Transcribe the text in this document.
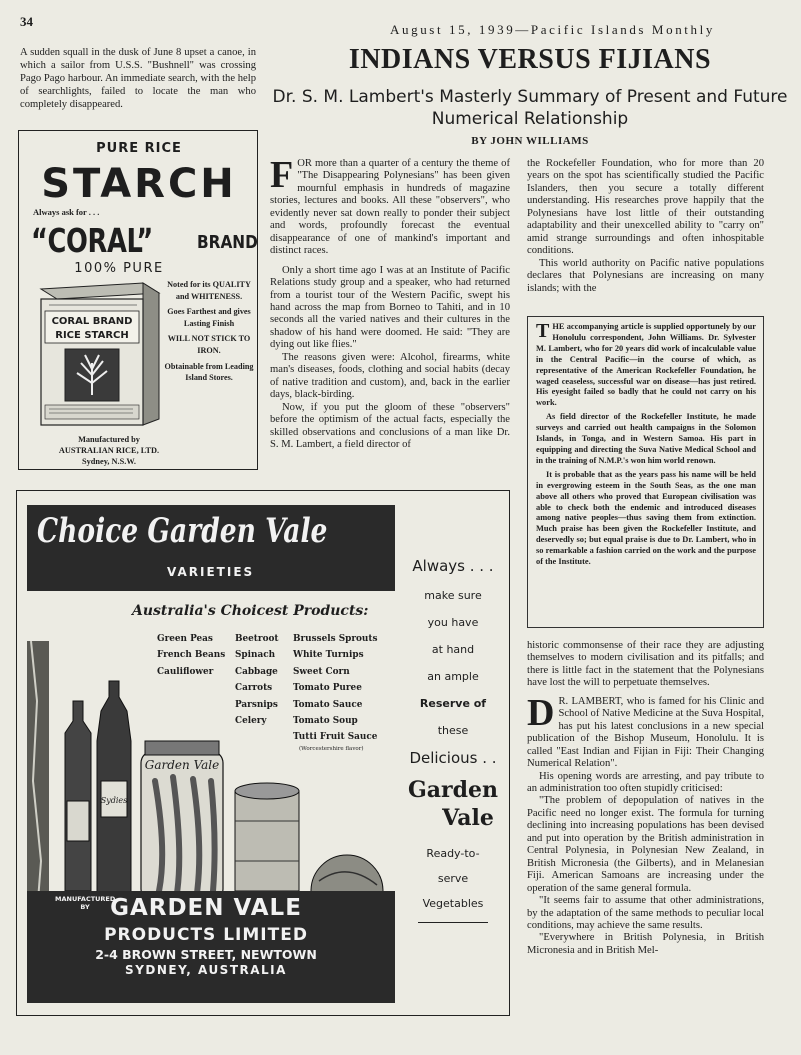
34
August 15, 1939—Pacific Islands Monthly
A sudden squall in the dusk of June 8 upset a canoe, in which a sailor from U.S.S. "Bushnell" was crossing Pago Pago harbour. An immediate search, with the help of searchlights, failed to locate the man who completely disappeared.
INDIANS VERSUS FIJIANS
Dr. S. M. Lambert's Masterly Summary of Present and Future Numerical Relationship
BY JOHN WILLIAMS

FOR more than a quarter of a century the theme of "The Disappearing Polynesians" has been given mournful emphasis in hundreds of magazine stories, lectures and books. All these "observers", who evidently never sat down really to ponder their subject and words, profoundly forecast the eventual disappearance of one of mankind's important and distinct races.

Only a short time ago I was at an Institute of Pacific Relations study group and a speaker, who had returned from a tourist tour of the Western Pacific, swept his hand across the map from Borneo to Tahiti, and in 10 seconds all the varied natives and their cultures in the shadow of his hand were doomed. He said: "They are dying out like flies."

The reasons given were: Alcohol, firearms, white man's diseases, foods, clothing and social habits (decay of native tradition and custom), and, back in the earlier days, black-birding.

Now, if you put the gloom of these "observers" before the optimism of the actual facts, especially the skilled observations and conclusions of a man like Dr. S. M. Lambert, a field director of

the Rockefeller Foundation, who for more than 20 years on the spot has scientifically studied the Pacific Islanders, then you secure a totally different understanding. His researches prove happily that the Polynesians have lost little of their outstanding adaptability and their unexcelled ability to "carry on" amid strange surroundings and often inhospitable conditions.

This world authority on Pacific native populations declares that Polynesians are increasing on many islands; with the

THE accompanying article is supplied opportunely by our Honolulu correspondent, John Williams. Dr. Sylvester M. Lambert, who for 20 years did work of incalculable value in the Central Pacific—in the course of which, as representative of the American Rockefeller Foundation, he waged ceaseless, successful war on disease—has just retired. His eyesight failed so badly that he could not carry on his work.

As field director of the Rockefeller Institute, he made surveys and carried out health campaigns in the Solomon Islands, in Tonga, and in Western Samoa. His part in equipping and directing the Suva Native Medical School and in the training of N.M.P.'s won him world renown.

It is probable that as the years pass his name will be held in evergrowing esteem in the South Seas, as the one man above all others who proved that European civilisation was able to check both the endemic and introduced diseases among native peoples—thus saving them from extinction. Much praise has been given the Rockefeller Institute, and deservedly so; but equal praise is due to Dr. Lambert, who in so remarkable a fashion carried on the work and the purpose of the Institute.

historic commonsense of their race they are adjusting themselves to modern civilisation and its pitfalls; and there is little fact in the statement that the Polynesians have lost the will to perpetuate themselves.

D R. LAMBERT, who is famed for his Clinic and School of Native Medicine at the Suva Hospital, has put his latest conclusions in a new special publication of the Bishop Museum, Honolulu. It is called "East Indian and Fijian in Fiji: Their Changing Numerical Relation".

His opening words are arresting, and pay tribute to an administration too often stupidly criticised:

"The problem of depopulation of natives in the Pacific need no longer exist. The formula for turning declining into increasing populations has been devised and put into operation by the British administration in Central Polynesia, in Polynesian New Zealand, in British Micronesia (the Gilberts), and in Melanesian Fiji. American Samoans are increasing under the operation of the same general formula.

"It seems fair to assume that other administrations, by the adaptation of the same methods to peculiar local conditions, may achieve the same results.

"Everywhere in British Polynesia, in British Micronesia and in British Mel-

PURE RICE
STARCH
Always ask for . . .
“CORAL” BRAND
100% PURE
CORAL BRAND
RICE STARCH

Noted for its QUALITY and WHITENESS.

Goes Farthest and gives Lasting Finish

WILL NOT STICK TO IRON.

Obtainable from Leading Island Stores.

Manufactured by
AUSTRALIAN RICE, LTD.
Sydney, N.S.W.
Choice Garden Vale
VARIETIES
Australia's Choicest Products:
Green Peas
French Beans
Cauliflower
Beetroot
Spinach
Cabbage
Carrots
Parsnips
Celery
Brussels Sprouts
White Turnips
Sweet Corn
Tomato Puree
Tomato Sauce
Tomato Soup
Tutti Fruit Sauce
(Worcestershire flavor)
Sydies
Garden Vale
MANUFACTURED BY GARDEN VALE
PRODUCTS LIMITED
2-4 BROWN STREET, NEWTOWN
SYDNEY, AUSTRALIA
Always . . .
make sure
you have
at hand
an ample
Reserve of
these
Delicious . .
Garden
Vale
Ready-to-
serve
Vegetables
